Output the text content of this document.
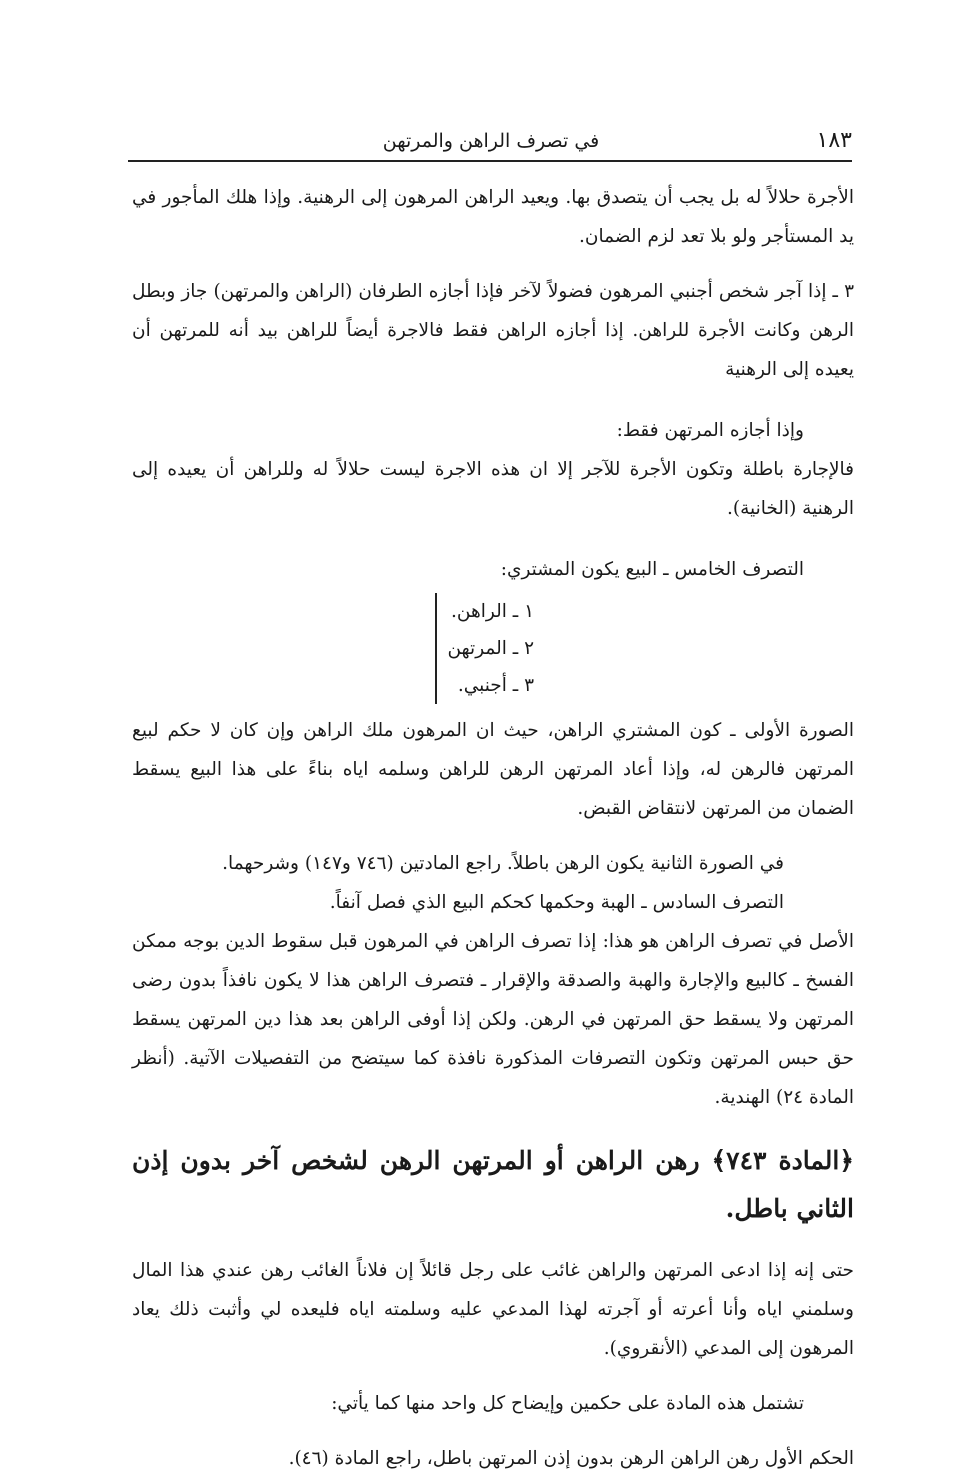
١٨٣
في تصرف الراهن والمرتهن

الأجرة حلالاً له بل يجب أن يتصدق بها. ويعيد الراهن المرهون إلى الرهنية. وإذا هلك المأجور في يد المستأجر ولو بلا تعد لزم الضمان.

٣ ـ إذا آجر شخص أجنبي المرهون فضولاً لآخر فإذا أجازه الطرفان (الراهن والمرتهن) جاز وبطل الرهن وكانت الأجرة للراهن. إذا أجازه الراهن فقط فالاجرة أيضاً للراهن بيد أنه للمرتهن أن يعيده إلى الرهنية

وإذا أجازه المرتهن فقط:

فالإجارة باطلة وتكون الأجرة للآجر إلا ان هذه الاجرة ليست حلالاً له وللراهن أن يعيده إلى الرهنية (الخانية).

التصرف الخامس ـ البيع يكون المشتري:

١ ـ الراهن.
٢ ـ المرتهن
٣ ـ أجنبي.

الصورة الأولى ـ كون المشتري الراهن، حيث ان المرهون ملك الراهن وإن كان لا حكم لبيع المرتهن فالرهن له، وإذا أعاد المرتهن الرهن للراهن وسلمه اياه بناءً على هذا البيع يسقط الضمان من المرتهن لانتقاض القبض.

في الصورة الثانية يكون الرهن باطلاً. راجع المادتين (٧٤٦ و١٤٧) وشرحهما.

التصرف السادس ـ الهبة وحكمها كحكم البيع الذي فصل آنفاً.

الأصل في تصرف الراهن هو هذا: إذا تصرف الراهن في المرهون قبل سقوط الدين بوجه ممكن الفسخ ـ كالبيع والإجارة والهبة والصدقة والإقرار ـ فتصرف الراهن هذا لا يكون نافذاً بدون رضى المرتهن ولا يسقط حق المرتهن في الرهن. ولكن إذا أوفى الراهن بعد هذا دين المرتهن يسقط حق حبس المرتهن وتكون التصرفات المذكورة نافذة كما سيتضح من التفصيلات الآتية. (أنظر المادة ٢٤) الهندية.

﴿المادة ٧٤٣﴾ رهن الراهن أو المرتهن الرهن لشخص آخر بدون إذن الثاني باطل.

حتى إنه إذا ادعى المرتهن والراهن غائب على رجل قائلاً إن فلاناً الغائب رهن عندي هذا المال وسلمني اياه وأنا أعرته أو آجرته لهذا المدعي عليه وسلمته اياه فليعده لي وأثبت ذلك يعاد المرهون إلى المدعي (الأنقروي).

تشتمل هذه المادة على حكمين وإيضاح كل واحد منها كما يأتي:

الحكم الأول رهن الراهن الرهن بدون إذن المرتهن باطل، راجع المادة (٤٦).
